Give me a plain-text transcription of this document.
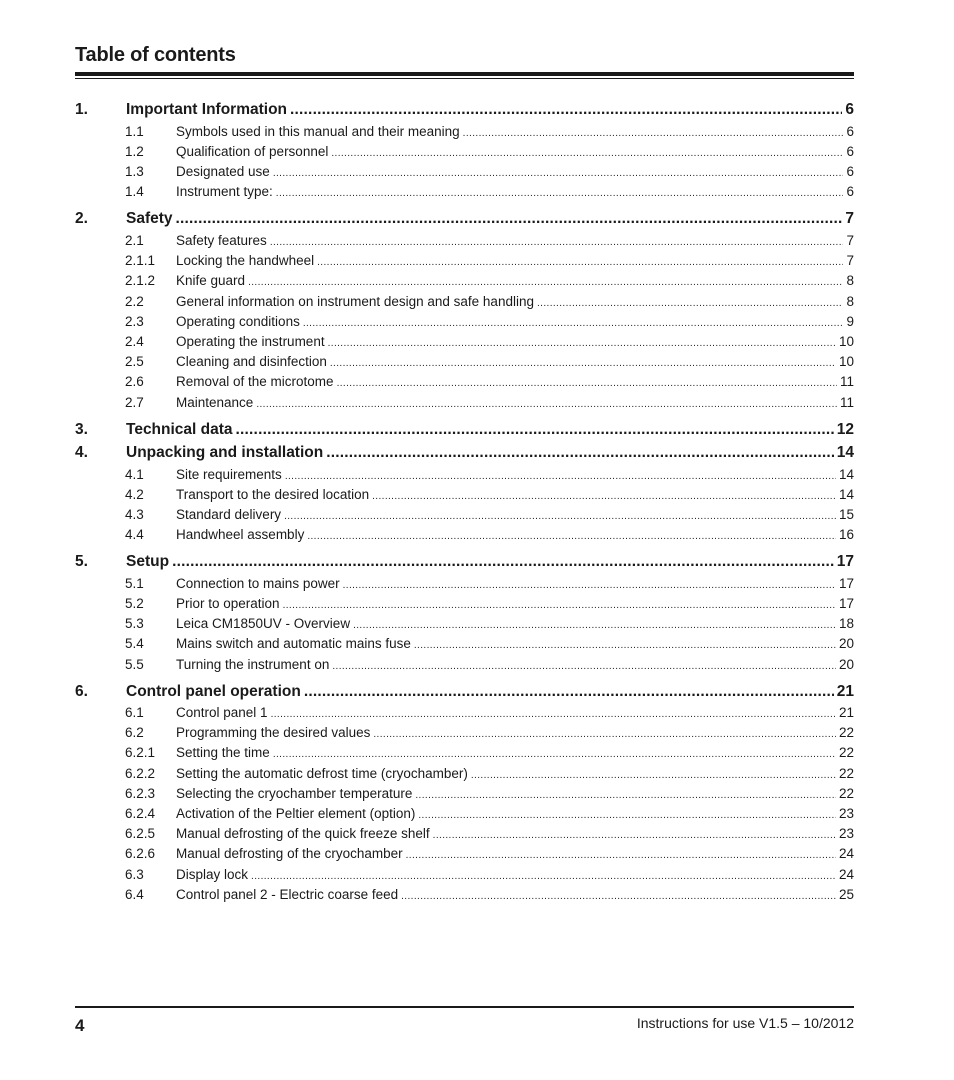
Table of contents
1.	Important Information .....	6
1.1	Symbols used in this manual and their meaning .....	6
1.2	Qualification of personnel .....	6
1.3	Designated use .....	6
1.4	Instrument type: .....	6
2.	Safety .....	7
2.1	Safety features .....	7
2.1.1	Locking the handwheel .....	7
2.1.2	Knife guard .....	8
2.2	General information on instrument design and safe handling .....	8
2.3	Operating conditions .....	9
2.4	Operating the instrument .....	10
2.5	Cleaning and disinfection .....	10
2.6	Removal of the microtome .....	11
2.7	Maintenance .....	11
3.	Technical data .....	12
4.	Unpacking and installation .....	14
4.1	Site requirements .....	14
4.2	Transport to the desired location .....	14
4.3	Standard delivery .....	15
4.4	Handwheel assembly .....	16
5.	Setup .....	17
5.1	Connection to mains power .....	17
5.2	Prior to operation .....	17
5.3	Leica CM1850UV - Overview .....	18
5.4	Mains switch and automatic mains fuse .....	20
5.5	Turning the instrument on .....	20
6.	Control panel operation .....	21
6.1	Control panel 1 .....	21
6.2	Programming the desired values .....	22
6.2.1	Setting the time .....	22
6.2.2	Setting the automatic defrost time (cryochamber) .....	22
6.2.3	Selecting the cryochamber temperature .....	22
6.2.4	Activation of the Peltier element (option) .....	23
6.2.5	Manual defrosting of the quick freeze shelf .....	23
6.2.6	Manual defrosting of the cryochamber .....	24
6.3	Display lock .....	24
6.4	Control panel 2 - Electric coarse feed .....	25
4	Instructions for use V1.5 – 10/2012
